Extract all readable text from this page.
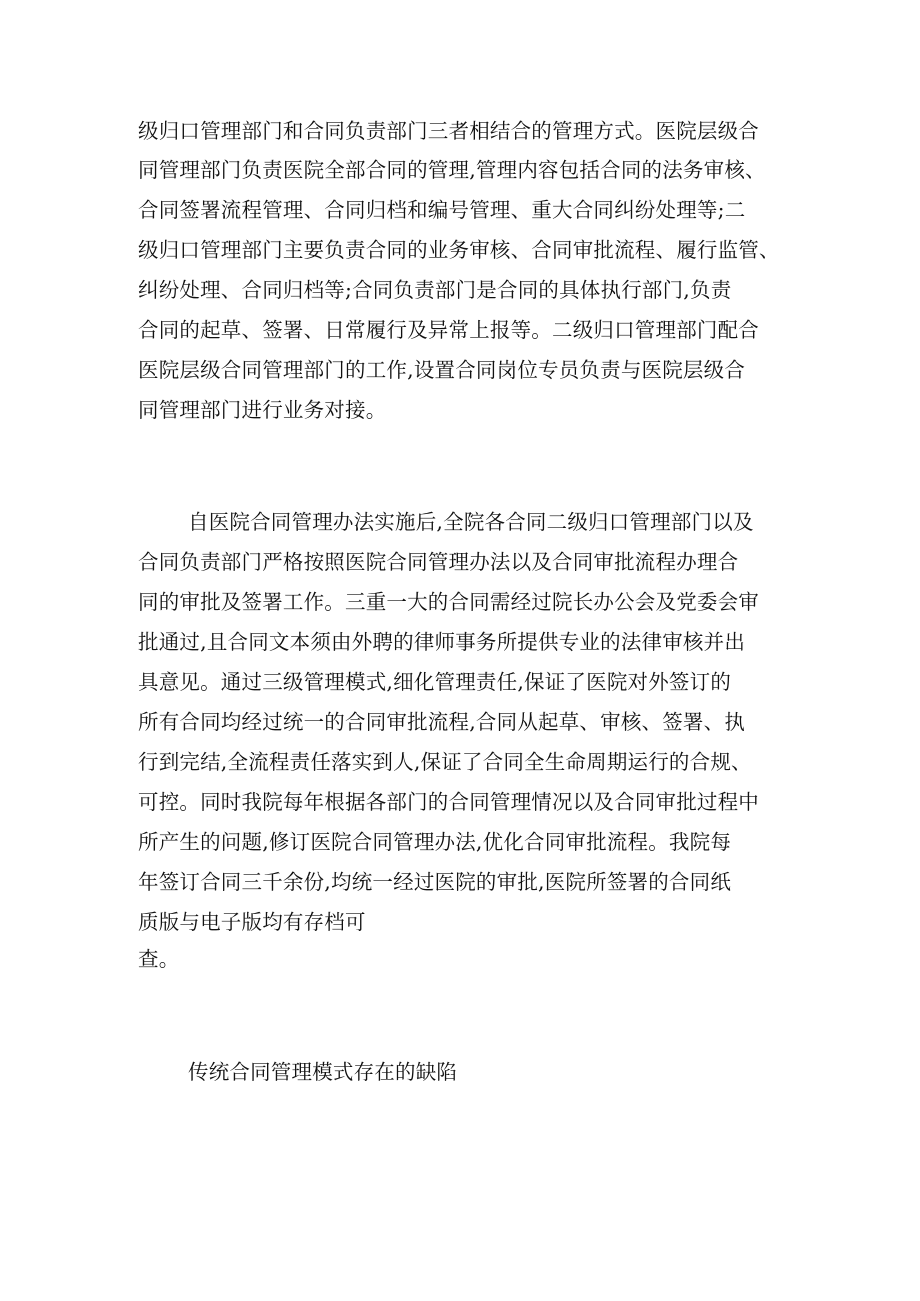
级归口管理部门和合同负责部门三者相结合的管理方式。医院层级合
同管理部门负责医院全部合同的管理,管理内容包括合同的法务审核、
合同签署流程管理、合同归档和编号管理、重大合同纠纷处理等;二
级归口管理部门主要负责合同的业务审核、合同审批流程、履行监管、
纠纷处理、合同归档等;合同负责部门是合同的具体执行部门,负责
合同的起草、签署、日常履行及异常上报等。二级归口管理部门配合
医院层级合同管理部门的工作,设置合同岗位专员负责与医院层级合
同管理部门进行业务对接。
自医院合同管理办法实施后,全院各合同二级归口管理部门以及
合同负责部门严格按照医院合同管理办法以及合同审批流程办理合
同的审批及签署工作。三重一大的合同需经过院长办公会及党委会审
批通过,且合同文本须由外聘的律师事务所提供专业的法律审核并出
具意见。通过三级管理模式,细化管理责任,保证了医院对外签订的
所有合同均经过统一的合同审批流程,合同从起草、审核、签署、执
行到完结,全流程责任落实到人,保证了合同全生命周期运行的合规、
可控。同时我院每年根据各部门的合同管理情况以及合同审批过程中
所产生的问题,修订医院合同管理办法,优化合同审批流程。我院每
年签订合同三千余份,均统一经过医院的审批,医院所签署的合同纸
质版与电子版均有存档可
查。
传统合同管理模式存在的缺陷
